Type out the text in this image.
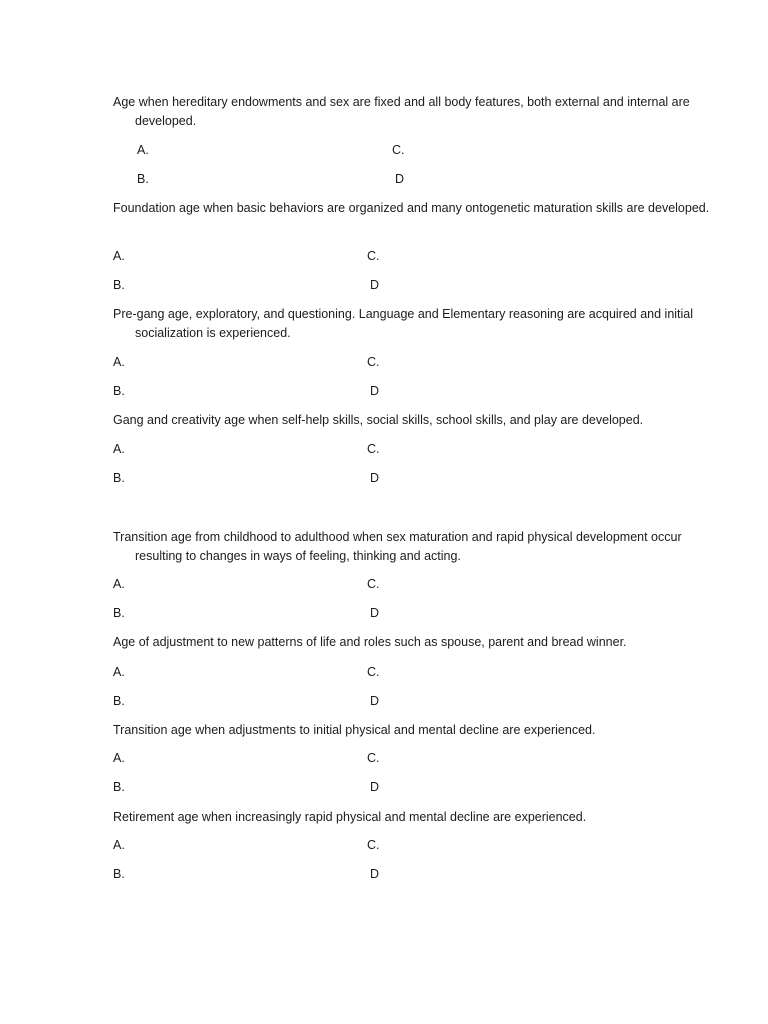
Age when hereditary endowments and sex are fixed and all body features, both external and internal are developed.

A.	C.
B.	D

Foundation age when basic behaviors are organized and many ontogenetic maturation skills are developed.

A.	C.
B.	D

Pre-gang age, exploratory, and questioning. Language and Elementary reasoning are acquired and initial socialization is experienced.

A.	C.
B.	D

Gang and creativity age when self-help skills, social skills, school skills, and play are developed.

A.	C.
B.	D

Transition age from childhood to adulthood when sex maturation and rapid physical development occur resulting to changes in ways of feeling, thinking and acting.

A.	C.
B.	D

Age of adjustment to new patterns of life and roles such as spouse, parent and bread winner.

A.	C.
B.	D

Transition age when adjustments to initial physical and mental decline are experienced.

A.	C.
B.	D

Retirement age when increasingly rapid physical and mental decline are experienced.

A.	C.
B.	D
